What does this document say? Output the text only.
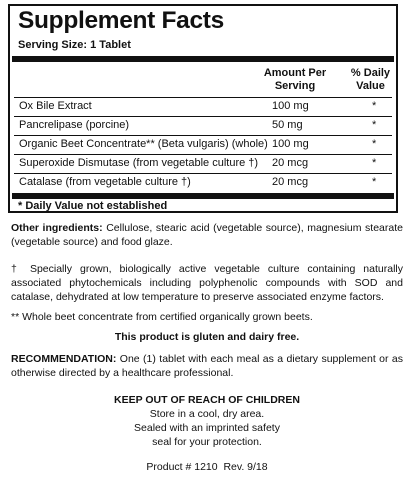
Supplement Facts
Serving Size: 1 Tablet
Amount Per
Serving
% Daily
Value
Ox Bile Extract	100 mg	*
Pancrelipase (porcine)	50 mg	*
Organic Beet Concentrate** (Beta vulgaris) (whole) 100 mg	*
Superoxide Dismutase (from vegetable culture †) 20 mcg	*
Catalase (from vegetable culture †)	20 mcg	*
* Daily Value not established
Other ingredients: Cellulose, stearic acid (vegetable source), magnesium stearate (vegetable source) and food glaze.
† Specially grown, biologically active vegetable culture containing naturally associated phytochemicals including polyphenolic compounds with SOD and catalase, dehydrated at low temperature to preserve associated enzyme factors.
** Whole beet concentrate from certified organically grown beets.
This product is gluten and dairy free.
RECOMMENDATION: One (1) tablet with each meal as a dietary supplement or as otherwise directed by a healthcare professional.
KEEP OUT OF REACH OF CHILDREN
Store in a cool, dry area.
Sealed with an imprinted safety
seal for your protection.
Product # 1210  Rev. 9/18
